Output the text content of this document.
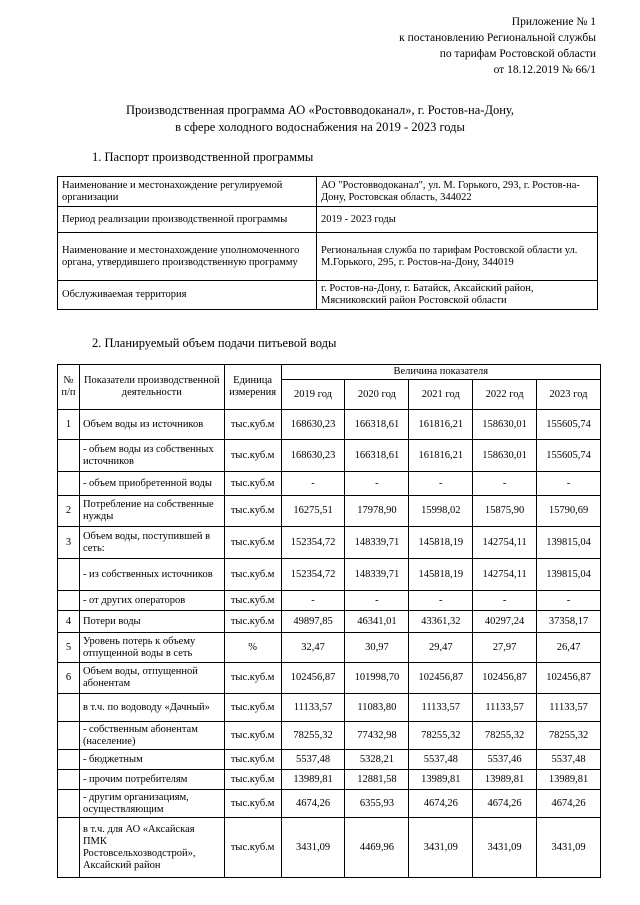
Приложение № 1
к постановлению Региональной службы
по тарифам Ростовской области
от 18.12.2019 № 66/1
Производственная программа АО «Ростовводоканал», г. Ростов-на-Дону,
в сфере холодного водоснабжения на 2019 - 2023 годы
1. Паспорт производственной программы
Наименование и местонахождение регулируемой организации	АО "Ростовводоканал", ул. М. Горького, 293, г. Ростов-на-Дону, Ростовская область, 344022
Период реализации производственной программы	2019 - 2023 годы
Наименование и местонахождение уполномоченного органа, утвердившего производственную программу	Региональная служба по тарифам Ростовской области ул. М.Горького, 295, г. Ростов-на-Дону, 344019
Обслуживаемая территория	г. Ростов-на-Дону, г. Батайск, Аксайский район, Мясниковский район Ростовской области
2. Планируемый объем подачи питьевой воды
№ п/п	Показатели производственной деятельности	Единица измерения	Величина показателя				
			2019 год	2020 год	2021 год	2022 год	2023 год
1	Объем воды из источников	тыс.куб.м	168630,23	166318,61	161816,21	158630,01	155605,74
	- объем воды из собственных источников	тыс.куб.м	168630,23	166318,61	161816,21	158630,01	155605,74
	- объем приобретенной воды	тыс.куб.м	-	-	-	-	-
2	Потребление на собственные нужды	тыс.куб.м	16275,51	17978,90	15998,02	15875,90	15790,69
3	Объем воды, поступившей в сеть:	тыс.куб.м	152354,72	148339,71	145818,19	142754,11	139815,04
	- из собственных источников	тыс.куб.м	152354,72	148339,71	145818,19	142754,11	139815,04
	- от других операторов	тыс.куб.м	-	-	-	-	-
4	Потери воды	тыс.куб.м	49897,85	46341,01	43361,32	40297,24	37358,17
5	Уровень потерь к объему отпущенной воды в сеть	%	32,47	30,97	29,47	27,97	26,47
6	Объем воды, отпущенной абонентам	тыс.куб.м	102456,87	101998,70	102456,87	102456,87	102456,87
	в т.ч. по водоводу «Дачный»	тыс.куб.м	11133,57	11083,80	11133,57	11133,57	11133,57
	- собственным абонентам (население)	тыс.куб.м	78255,32	77432,98	78255,32	78255,32	78255,32
	- бюджетным	тыс.куб.м	5537,48	5328,21	5537,48	5537,46	5537,48
	- прочим потребителям	тыс.куб.м	13989,81	12881,58	13989,81	13989,81	13989,81
	- другим организациям, осуществляющим	тыс.куб.м	4674,26	6355,93	4674,26	4674,26	4674,26
	в т.ч. для АО «Аксайская ПМК Ростовсельхозводстрой», Аксайский район	тыс.куб.м	3431,09	4469,96	3431,09	3431,09	3431,09
